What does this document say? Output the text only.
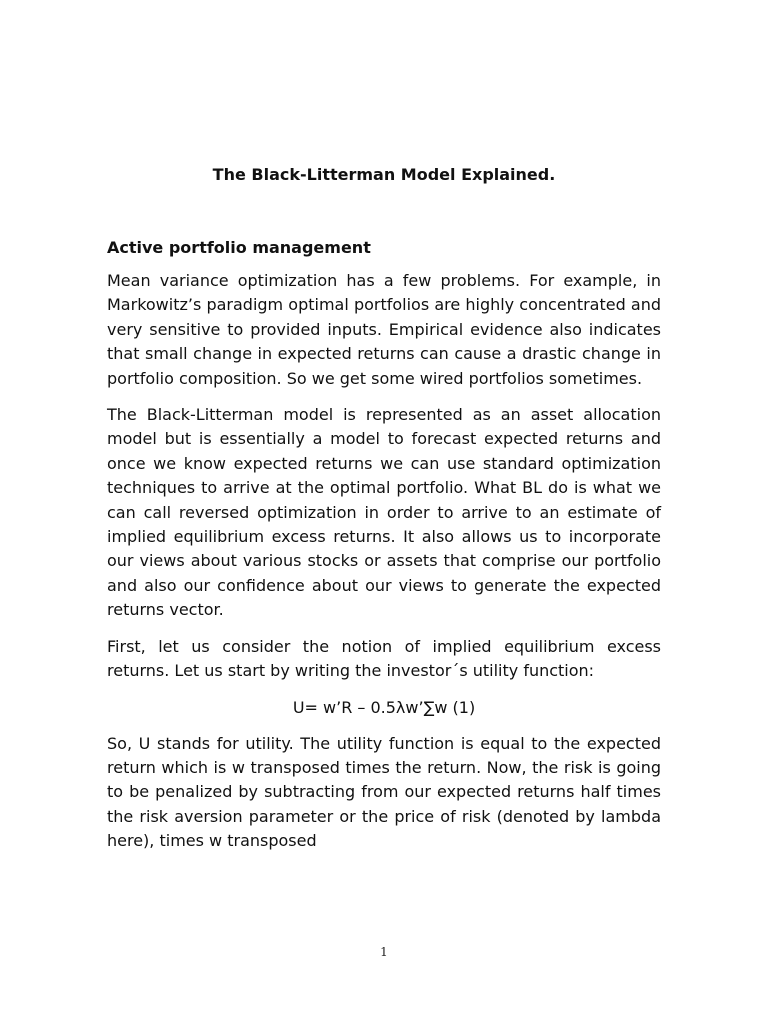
The Black-Litterman Model Explained.
Active portfolio management

Mean variance optimization has a few problems. For example, in Markowitz’s paradigm optimal portfolios are highly concentrated and very sensitive to provided inputs. Empirical evidence also indicates that small change in expected returns can cause a drastic change in portfolio composition. So we get some wired portfolios sometimes.

The Black-Litterman model is represented as an asset allocation model but is essentially a model to forecast expected returns and once we know expected returns we can use standard optimization techniques to arrive at the optimal portfolio. What BL do is what we can call reversed optimization in order to arrive to an estimate of implied equilibrium excess returns. It also allows us to incorporate our views about various stocks or assets that comprise our portfolio and also our confidence about our views to generate the expected returns vector.

First, let us consider the notion of implied equilibrium excess returns. Let us start by writing the investor´s utility function:

U= w’R – 0.5λw’∑w (1)

So, U stands for utility. The utility function is equal to the expected return which is w transposed times the return. Now, the risk is going to be penalized by subtracting from our expected returns half times the risk aversion parameter or the price of risk (denoted by lambda here), times w transposed

1
